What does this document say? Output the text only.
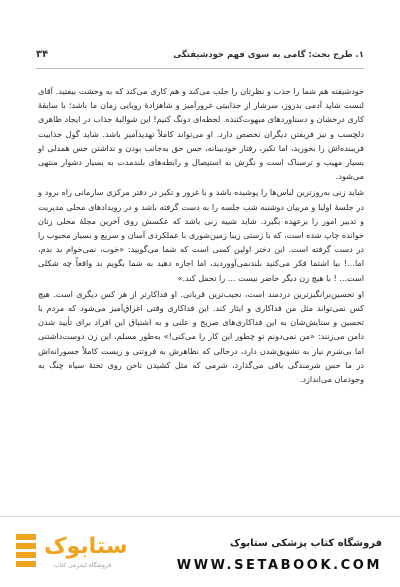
۱. طرح بحث: گامی به سوی فهم خودشیفتگی
۳۴

خودشیفته هم شما را جذب و نظرتان را جلب می‌کند و هم کاری می‌کند که به وحشت بیفتید. آقای لنست شاید آدمی بدروز، سرشار از جذابیتی غرورآمیز و شاهزادهٔ رویایی زمان ما باشد؛ با سابقهٔ کاری درخشان و دستاوردهای مبهوت‌کننده. لحظه‌ای دونگ کنیم! این شوالیهٔ جذاب در ایجاد ظاهری دلچسب و نیز فریفتن دیگران تخصص دارد. او می‌تواند کاملاً تهدیدآمیز باشد. شاید گول جذابیت فریبنده‌اش را بخورید، اما تکبر، رفتار خودبینانه، حس حق به‌جانب بودن و نداشتن حس همدلی او بسیار مهیب و ترسناک است و نگرش به استیصال و رابطه‌های بلندمدت به بسیار دشوار منتهی می‌شود.

شاید زنی به‌روزترین لباس‌ها را پوشیده باشد و با غرور و تکبر در دفتر مرکزی سازمانی راه برود و در جلسهٔ اولیا و مربیان دوشنبه شب جلسه را به دست گرفته باشد و در رویدادهای محلی مدیریت و تدبیر امور را برعهده بگیرد. شاید شبیه زنی باشد که عکسش روی آخرین مجلهٔ محلی زنان خوانده چاپ شده است، که با زستی زیبا زمین‌شوری با عملکردی آسان و سریع و بسیار محبوب را در دست گرفته است. این دختر اولین کسی است که شما می‌گویید: «خوب، نمی‌خوام بد بدم، اما...! بیا اشتما فکر می‌کنید بلندنمی‌آووردید، اما اجازه دهید به شما بگویم بد واقعاً چه شکلی است... ! با هیچ زن دیگر حاضر نیست ... را تحمل کند.»

او تحسین‌برانگیزترین دردمند است، نجیب‌ترین قربانی. او فداکارتر از هر کس دیگری است. هیچ کس نمی‌تواند مثل من فداکاری و ایثار کند. این فداکاری وقتی اغراق‌آمیز می‌شود که مردم با تحسین و ستایش‌شان به این فداکاری‌های صریح و علنی و به اشتیاق این افراد برای تأیید شدن دامن می‌زنند: «من نمی‌دونم تو چطور این کار را می‌کنی!» به‌طور مسلم، این زن دوست‌داشتنی اما بی‌شرم نیاز به تشویق‌شدن دارد، درحالی که نظاهرش به فروتنی و زیست کاملاً جسورانه‌اش در ما حس شرمندگی باقی می‌گذارد، شرمی که مثل کشیدن ناخن روی تختهٔ سیاه چنگ به وجودمان می‌اندازد.

ستابوک
فروشگاه اینترنتی کتاب
فروشگاه کتاب پزشکی ستابوک
WWW.SETABOOK.COM
